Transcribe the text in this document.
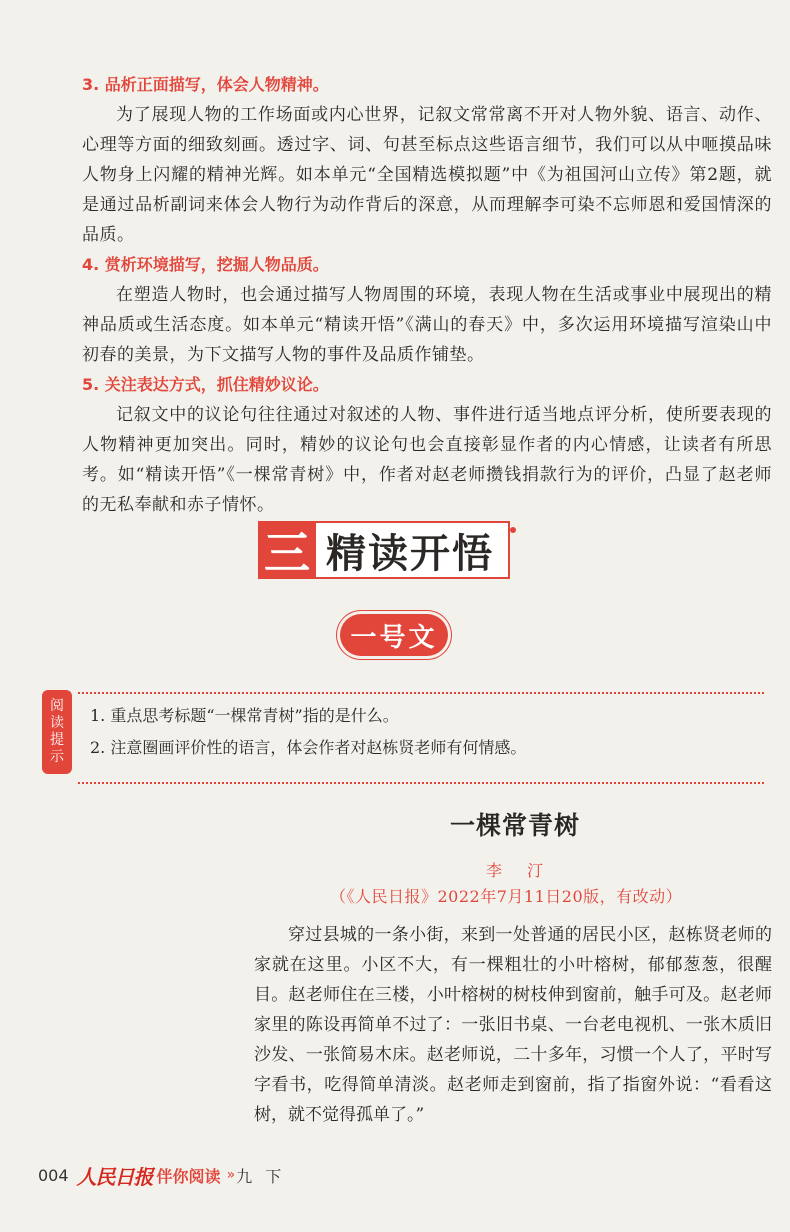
3. 品析正面描写，体会人物精神。

为了展现人物的工作场面或内心世界，记叙文常常离不开对人物外貌、语言、动作、心理等方面的细致刻画。透过字、词、句甚至标点这些语言细节，我们可以从中咂摸品味人物身上闪耀的精神光辉。如本单元“全国精选模拟题”中《为祖国河山立传》第2题，就是通过品析副词来体会人物行为动作背后的深意，从而理解李可染不忘师恩和爱国情深的品质。

4. 赏析环境描写，挖掘人物品质。

在塑造人物时，也会通过描写人物周围的环境，表现人物在生活或事业中展现出的精神品质或生活态度。如本单元“精读开悟”《满山的春天》中，多次运用环境描写渲染山中初春的美景，为下文描写人物的事件及品质作铺垫。

5. 关注表达方式，抓住精妙议论。

记叙文中的议论句往往通过对叙述的人物、事件进行适当地点评分析，使所要表现的人物精神更加突出。同时，精妙的议论句也会直接彰显作者的内心情感，让读者有所思考。如“精读开悟”《一棵常青树》中，作者对赵老师攒钱捐款行为的评价，凸显了赵老师的无私奉献和赤子情怀。

三 精读开悟
一号文
阅
读
提
示
1. 重点思考标题“一棵常青树”指的是什么。
2. 注意圈画评价性的语言，体会作者对赵栋贤老师有何情感。
一棵常青树
李 汀
（《人民日报》2022年7月11日20版，有改动）

穿过县城的一条小街，来到一处普通的居民小区，赵栋贤老师的家就在这里。小区不大，有一棵粗壮的小叶榕树，郁郁葱葱，很醒目。赵老师住在三楼，小叶榕树的树枝伸到窗前，触手可及。赵老师家里的陈设再简单不过了：一张旧书桌、一台老电视机、一张木质旧沙发、一张简易木床。赵老师说，二十多年，习惯一个人了，平时写字看书，吃得简单清淡。赵老师走到窗前，指了指窗外说：“看看这树，就不觉得孤单了。”

004 人民日报 伴你阅读 » 九 下
